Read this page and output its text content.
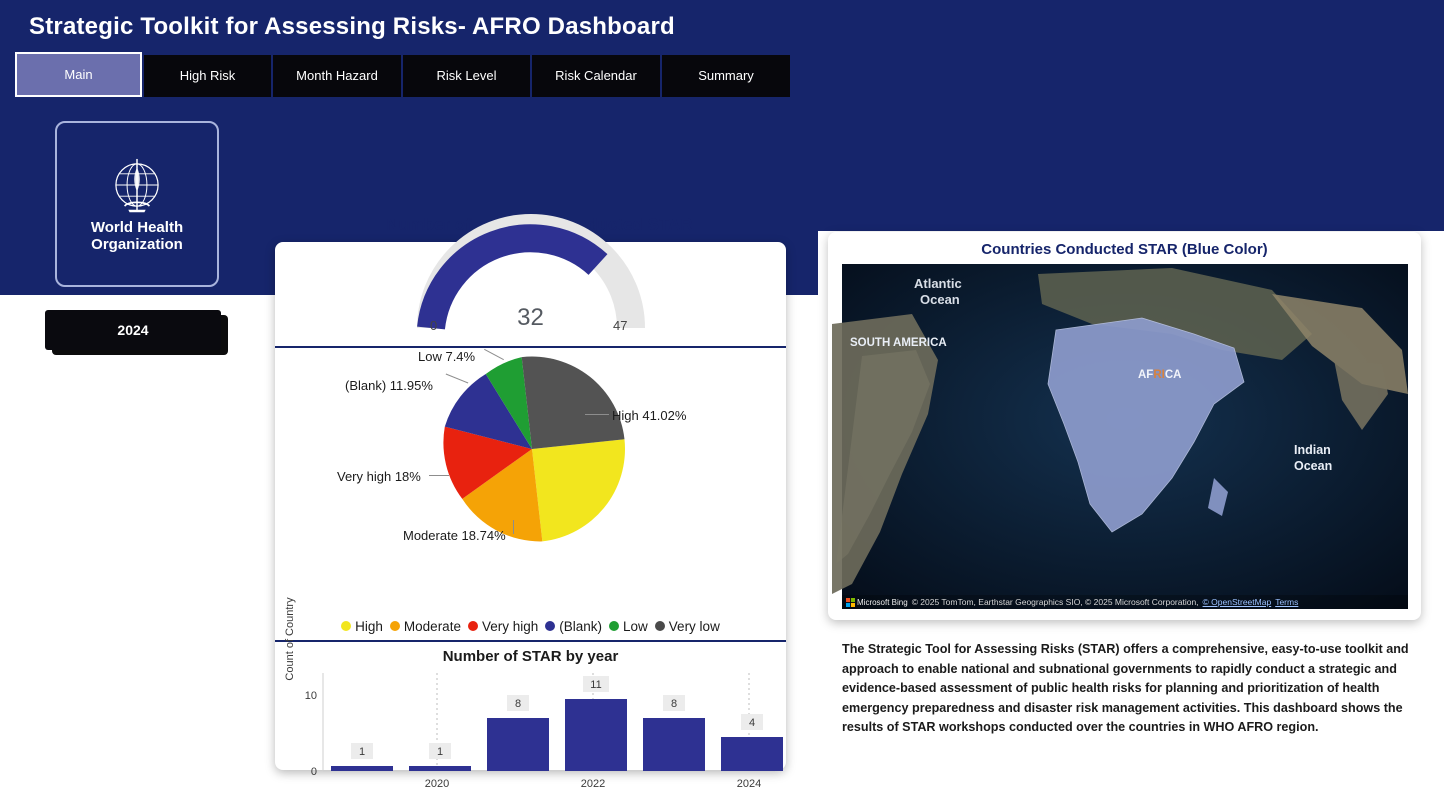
Strategic Toolkit for Assessing Risks- AFRO Dashboard
Main	High Risk	Month Hazard	Risk Level	Risk Calendar	Summary
World Health
Organization
2024
Number of countries conducted STAR
32
0	47
High 41.02%
Moderate 18.74%
Very high 18%
(Blank) 11.95%
Low 7.4%
High Moderate Very high (Blank) Low Very low
Number of STAR by year
Count of Country
10
0
1	1
8
11
8
4
2020	2022	2024
Countries Conducted STAR (Blue Color)
Atlantic
Ocean
SOUTH AMERICA
AFRICA
Indian
Ocean
Microsoft Bing © 2025 TomTom, Earthstar Geographics SIO, © 2025 Microsoft Corporation, © OpenStreetMap Terms
The Strategic Tool for Assessing Risks (STAR) offers a comprehensive, easy-to-use toolkit and approach to enable national and subnational governments to rapidly conduct a strategic and evidence-based assessment of public health risks for planning and prioritization of health emergency preparedness and disaster risk management activities. This dashboard shows the results of STAR workshops conducted over the countries in WHO AFRO region.
